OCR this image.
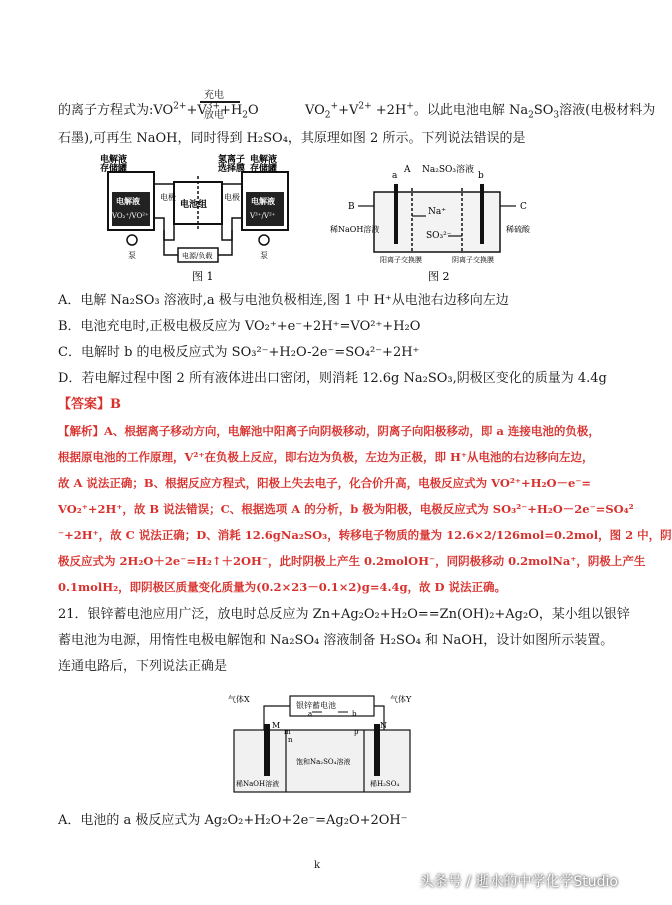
充电
放电
的离子方程式为$:VO^{2+}+V^{3+}+H_2O$	$VO_2^++V^{2+} +2H^+$。以此电池电解 $Na_2SO_3$溶液(电极材料为
石墨),可再生 NaOH，同时得到 H₂SO₄，其原理如图 2 所示。下列说法错误的是
电解液
存储罐
电解液
VO₂⁺/VO²⁺
氢离子
选择膜
电解液
存储罐
电解液
V³⁺/V²⁺
电池组
电极	电极
电源/负载
泵	泵
图 1
Na₂SO₃溶液
a	b
A
B	C
Na⁺
SO₃²⁻
稀NaOH溶液	稀硫酸
阳离子交换膜	阴离子交换膜
图 2
A．电解 Na₂SO₃ 溶液时,a 极与电池负极相连,图 1 中 H⁺从电池右边移向左边
B．电池充电时,正极电极反应为 VO₂⁺+e⁻+2H⁺=VO²⁺+H₂O
C．电解时 b 的电极反应式为 SO₃²⁻+H₂O-2e⁻=SO₄²⁻+2H⁺
D．若电解过程中图 2 所有液体进出口密闭，则消耗 12.6g Na₂SO₃,阴极区变化的质量为 4.4g
【答案】B
【解析】A、根据离子移动方向，电解池中阳离子向阴极移动，阴离子向阳极移动，即 a 连接电池的负极，
根据原电池的工作原理，V²⁺在负极上反应，即右边为负极，左边为正极，即 H⁺从电池的右边移向左边，
故 A 说法正确；B、根据反应方程式，阳极上失去电子，化合价升高，电极反应式为 VO²⁺+H₂O－e⁻=
VO₂⁺+2H⁺，故 B 说法错误；C、根据选项 A 的分析，b 极为阳极，电极反应式为 SO₃²⁻+H₂O－2e⁻=SO₄²
⁻+2H⁺，故 C 说法正确；D、消耗 12.6gNa₂SO₃，转移电子物质的量为 12.6×2/126mol=0.2mol，图 2 中，阴
极反应式为 2H₂O＋2e⁻=H₂↑＋2OH⁻，此时阴极上产生 0.2molOH⁻，同阴极移动 0.2molNa⁺，阴极上产生
0.1molH₂，即阴极区质量变化质量为(0.2×23－0.1×2)g=4.4g，故 D 说法正确。
21．银锌蓄电池应用广泛，放电时总反应为 Zn+Ag₂O₂+H₂O==Zn(OH)₂+Ag₂O，某小组以银锌
蓄电池为电源，用惰性电极电解饱和 Na₂SO₄ 溶液制备 H₂SO₄ 和 NaOH，设计如图所示装置。
连通电路后，下列说法正确是
银锌蓄电池
a	b
气体X	气体Y
M
m
n
p
N
稀NaOH溶液
饱和Na₂SO₄溶液
稀H₂SO₄
A．电池的 a 极反应式为 Ag₂O₂+H₂O+2e⁻=Ag₂O+2OH⁻
k
头条号 / 逝水的中学化学Studio
